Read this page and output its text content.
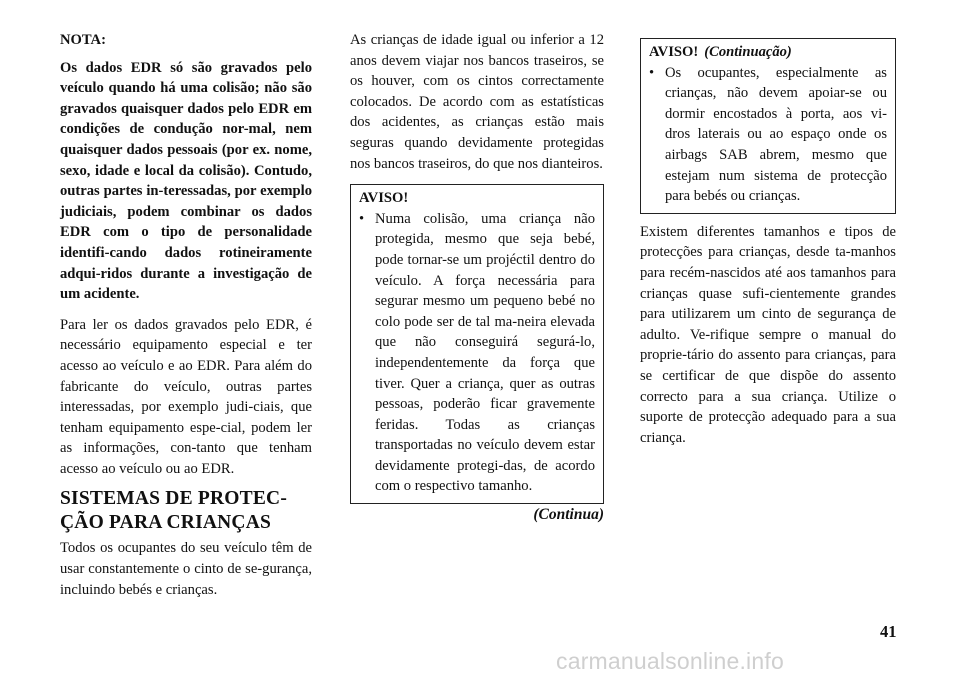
NOTA:

Os dados EDR só são gravados pelo veículo quando há uma colisão; não são gravados quaisquer dados pelo EDR em condições de condução nor-mal, nem quaisquer dados pessoais (por ex. nome, sexo, idade e local da colisão). Contudo, outras partes in-teressadas, por exemplo judiciais, podem combinar os dados EDR com o tipo de personalidade identifi-cando dados rotineiramente adqui-ridos durante a investigação de um acidente.

Para ler os dados gravados pelo EDR, é necessário equipamento especial e ter acesso ao veículo e ao EDR. Para além do fabricante do veículo, outras partes interessadas, por exemplo judi-ciais, que tenham equipamento espe-cial, podem ler as informações, con-tanto que tenham acesso ao veículo ou ao EDR.

SISTEMAS DE PROTEC-
ÇÃO PARA CRIANÇAS

Todos os ocupantes do seu veículo têm de usar constantemente o cinto de se-gurança, incluindo bebés e crianças.

As crianças de idade igual ou inferior a 12 anos devem viajar nos bancos traseiros, se os houver, com os cintos correctamente colocados. De acordo com as estatísticas dos acidentes, as crianças estão mais seguras quando devidamente protegidas nos bancos traseiros, do que nos dianteiros.

AVISO!
• Numa colisão, uma criança não protegida, mesmo que seja bebé, pode tornar-se um projéctil dentro do veículo. A força necessária para segurar mesmo um pequeno bebé no colo pode ser de tal ma-neira elevada que não conseguirá segurá-lo, independentemente da força que tiver. Quer a criança, quer as outras pessoas, poderão ficar gravemente feridas. Todas as crianças transportadas no veículo devem estar devidamente protegi-das, de acordo com o respectivo tamanho.
(Continua)
AVISO! (Continuação)
• Os ocupantes, especialmente as crianças, não devem apoiar-se ou dormir encostados à porta, aos vi-dros laterais ou ao espaço onde os airbags SAB abrem, mesmo que estejam num sistema de protecção para bebés ou crianças.

Existem diferentes tamanhos e tipos de protecções para crianças, desde ta-manhos para recém-nascidos até aos tamanhos para crianças quase sufi-cientemente grandes para utilizarem um cinto de segurança de adulto. Ve-rifique sempre o manual do proprie-tário do assento para crianças, para se certificar de que dispõe do assento correcto para a sua criança. Utilize o suporte de protecção adequado para a sua criança.

41
carmanualsonline.info
